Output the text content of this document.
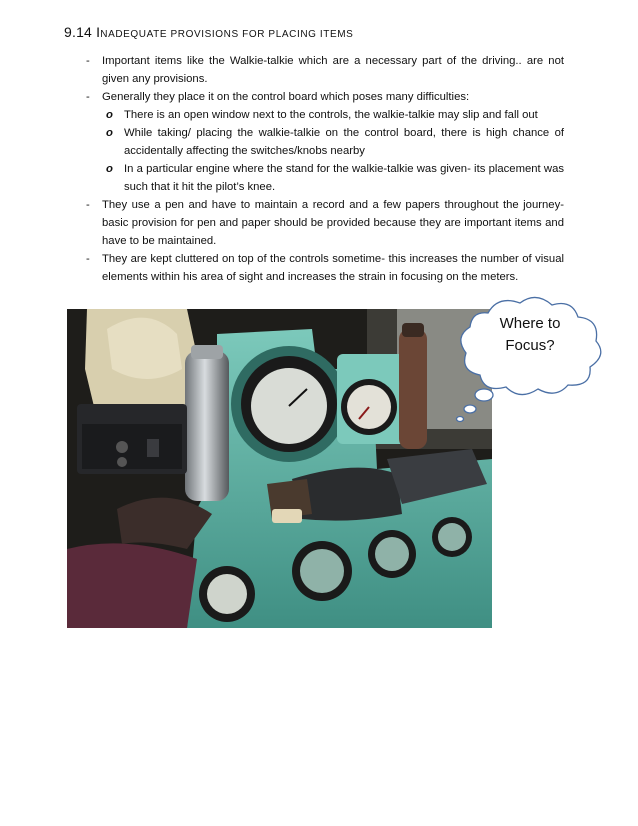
9.14 INADEQUATE PROVISIONS FOR PLACING ITEMS

-	Important items like the Walkie-talkie which are a necessary part of the driving.. are not given any provisions.

-	Generally they place it on the control board which poses many difficulties:

o There is an open window next to the controls, the walkie-talkie may slip and fall out
o While taking/ placing the walkie-talkie on the control board, there is high chance of accidentally affecting the switches/knobs nearby
o In a particular engine where the stand for the walkie-talkie was given- its placement was such that it hit the pilot’s knee.

-	They use a pen and have to maintain a record and a few papers throughout the journey- basic provision for pen and paper should be provided because they are important items and have to be maintained.

-	They are kept cluttered on top of the controls sometime- this increases the number of visual elements within his area of sight and increases the strain in focusing on the meters.

Where to
Focus?
